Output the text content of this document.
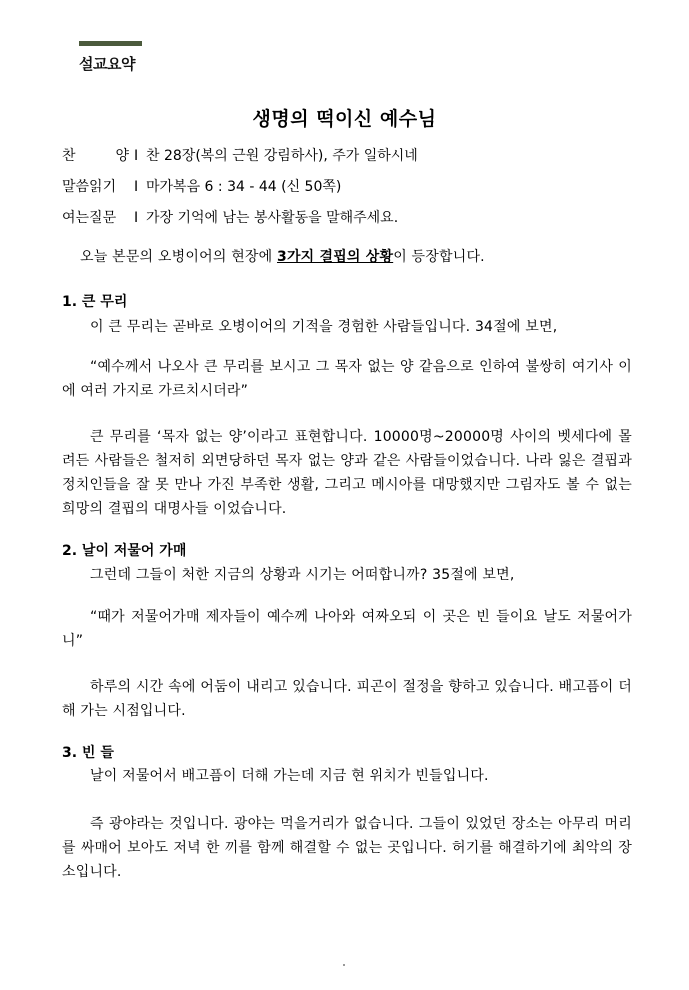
설교요약
생명의 떡이신 예수님
찬	양 I 찬 28장(복의 근원 강림하사), 주가 일하시네
말씀읽기 I 마가복음 6 : 34 - 44 (신 50쪽)
여는질문 I 가장 기억에 남는 봉사활동을 말해주세요.
오늘 본문의 오병이어의 현장에 3가지 결핍의 상황이 등장합니다.
1. 큰 무리
이 큰 무리는 곧바로 오병이어의 기적을 경험한 사람들입니다. 34절에 보면,
“예수께서 나오사 큰 무리를 보시고 그 목자 없는 양 같음으로 인하여 불쌍히 여기사 이에 여러 가지로 가르치시더라”
큰 무리를 ‘목자 없는 양’이라고 표현합니다. 10000명~20000명 사이의 벳세다에 몰려든 사람들은 철저히 외면당하던 목자 없는 양과 같은 사람들이었습니다. 나라 잃은 결핍과 정치인들을 잘 못 만나 가진 부족한 생활, 그리고 메시아를 대망했지만 그림자도 볼 수 없는 희망의 결핍의 대명사들 이었습니다.
2. 날이 저물어 가매
그런데 그들이 처한 지금의 상황과 시기는 어떠합니까? 35절에 보면,
“때가 저물어가매 제자들이 예수께 나아와 여짜오되 이 곳은 빈 들이요 날도 저물어가니”
하루의 시간 속에 어둠이 내리고 있습니다. 피곤이 절정을 향하고 있습니다. 배고픔이 더해 가는 시점입니다.
3. 빈 들
날이 저물어서 배고픔이 더해 가는데 지금 현 위치가 빈들입니다.
즉 광야라는 것입니다. 광야는 먹을거리가 없습니다. 그들이 있었던 장소는 아무리 머리를 싸매어 보아도 저녁 한 끼를 함께 해결할 수 없는 곳입니다. 허기를 해결하기에 최악의 장소입니다.
